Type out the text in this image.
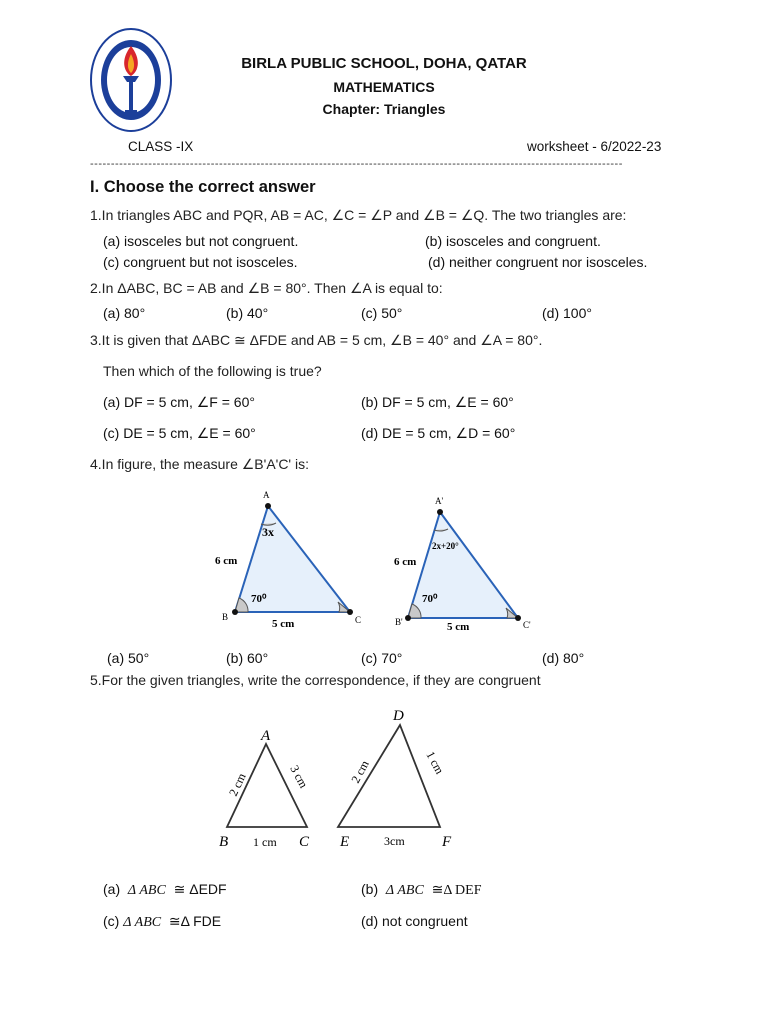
BIRLA PUBLIC SCHOOL, DOHA, QATAR
MATHEMATICS
Chapter: Triangles
CLASS -IX	worksheet - 6/2022-23
--------------------------------------------------------------------------------------------------------------------------------
I. Choose the correct answer
1.In triangles ABC and PQR, AB = AC, ∠C = ∠P and ∠B = ∠Q. The two triangles are:
(a) isosceles but not congruent.	(b) isosceles and congruent.
(c) congruent but not isosceles.	(d) neither congruent nor isosceles.
2.In ΔABC, BC = AB and ∠B = 80°. Then ∠A is equal to:
(a) 80°	(b) 40°	(c) 50°	(d) 100°
3.It is given that ΔABC ≅ ΔFDE and AB = 5 cm, ∠B = 40° and ∠A = 80°.
Then which of the following is true?
(a) DF = 5 cm, ∠F = 60°	(b) DF = 5 cm, ∠E = 60°
(c) DE = 5 cm, ∠E = 60°	(d) DE = 5 cm, ∠D = 60°
4.In figure, the measure ∠B'A'C' is:
A
B	C
3x
6 cm
70⁰
5 cm
A'
B'	C'
2x+20°
6 cm
70⁰
5 cm
(a) 50°	(b) 60°	(c) 70°	(d) 80°
5.For the given triangles, write the correspondence, if they are congruent
A
B	C
2 cm	3 cm
1 cm
D
E	F
2 cm	1 cm
3cm
(a) Δ ABC ≅ ΔEDF	(b) Δ ABC ≅Δ DEF
(c) Δ ABC ≅Δ FDE	(d) not congruent
